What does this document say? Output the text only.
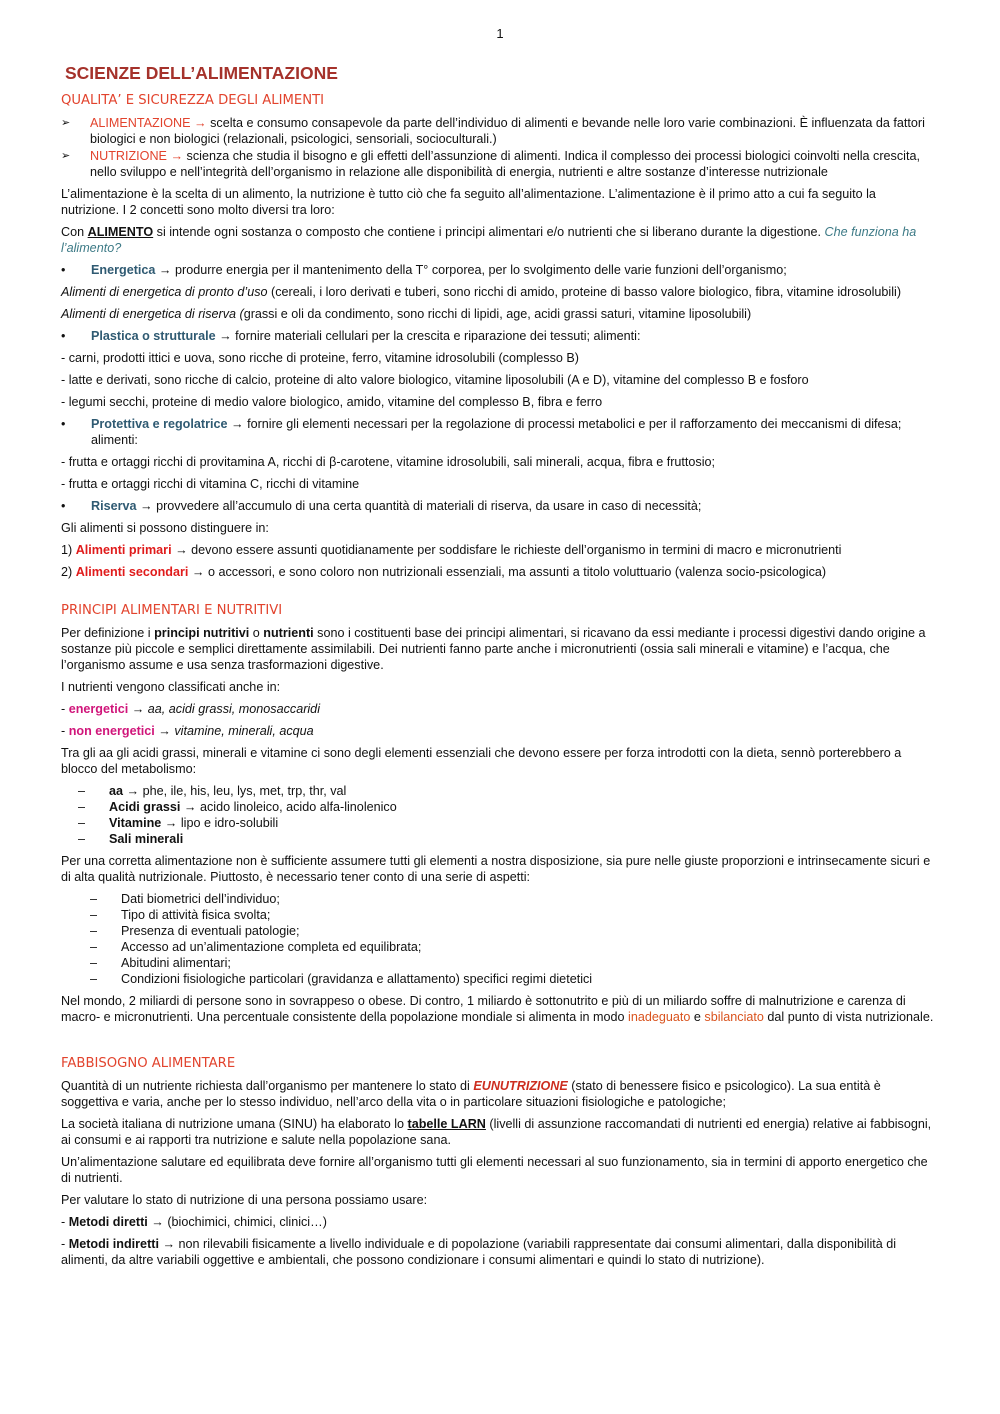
1
SCIENZE DELL’ALIMENTAZIONE
QUALITA’ E SICUREZZA DEGLI ALIMENTI
➢	ALIMENTAZIONE → scelta e consumo consapevole da parte dell’individuo di alimenti e bevande nelle loro varie combinazioni. È influenzata da fattori biologici e non biologici (relazionali, psicologici, sensoriali, socioculturali.)
➢	NUTRIZIONE → scienza che studia il bisogno e gli effetti dell’assunzione di alimenti. Indica il complesso dei processi biologici coinvolti nella crescita, nello sviluppo e nell’integrità dell’organismo in relazione alle disponibilità di energia, nutrienti e altre sostanze d’interesse nutrizionale

L’alimentazione è la scelta di un alimento, la nutrizione è tutto ciò che fa seguito all’alimentazione. L’alimentazione è il primo atto a cui fa seguito la nutrizione. I 2 concetti sono molto diversi tra loro:

Con ALIMENTO si intende ogni sostanza o composto che contiene i principi alimentari e/o nutrienti che si liberano durante la digestione. Che funziona ha l’alimento?

•	Energetica → produrre energia per il mantenimento della T° corporea, per lo svolgimento delle varie funzioni dell’organismo;

Alimenti di energetica di pronto d’uso (cereali, i loro derivati e tuberi, sono ricchi di amido, proteine di basso valore biologico, fibra, vitamine idrosolubili)

Alimenti di energetica di riserva (grassi e oli da condimento, sono ricchi di lipidi, age, acidi grassi saturi, vitamine liposolubili)

•	Plastica o strutturale → fornire materiali cellulari per la crescita e riparazione dei tessuti; alimenti:

- carni, prodotti ittici e uova, sono ricche di proteine, ferro, vitamine idrosolubili (complesso B)

- latte e derivati, sono ricche di calcio, proteine di alto valore biologico, vitamine liposolubili (A e D), vitamine del complesso B e fosforo

- legumi secchi, proteine di medio valore biologico, amido, vitamine del complesso B, fibra e ferro

•	Protettiva e regolatrice → fornire gli elementi necessari per la regolazione di processi metabolici e per il rafforzamento dei meccanismi di difesa; alimenti:

- frutta e ortaggi ricchi di provitamina A, ricchi di β-carotene, vitamine idrosolubili, sali minerali, acqua, fibra e fruttosio;

- frutta e ortaggi ricchi di vitamina C, ricchi di vitamine

•	Riserva → provvedere all’accumulo di una certa quantità di materiali di riserva, da usare in caso di necessità;

Gli alimenti si possono distinguere in:

1) Alimenti primari → devono essere assunti quotidianamente per soddisfare le richieste dell’organismo in termini di macro e micronutrienti

2) Alimenti secondari → o accessori, e sono coloro non nutrizionali essenziali, ma assunti a titolo voluttuario (valenza socio-psicologica)

PRINCIPI ALIMENTARI E NUTRITIVI

Per definizione i principi nutritivi o nutrienti sono i costituenti base dei principi alimentari, si ricavano da essi mediante i processi digestivi dando origine a sostanze più piccole e semplici direttamente assimilabili. Dei nutrienti fanno parte anche i micronutrienti (ossia sali minerali e vitamine) e l’acqua, che l’organismo assume e usa senza trasformazioni digestive.

I nutrienti vengono classificati anche in:

- energetici → aa, acidi grassi, monosaccaridi

- non energetici → vitamine, minerali, acqua

Tra gli aa gli acidi grassi, minerali e vitamine ci sono degli elementi essenziali che devono essere per forza introdotti con la dieta, sennò porterebbero a blocco del metabolismo:

–	aa → phe, ile, his, leu, lys, met, trp, thr, val
–	Acidi grassi → acido linoleico, acido alfa-linolenico
–	Vitamine → lipo e idro-solubili
–	Sali minerali

Per una corretta alimentazione non è sufficiente assumere tutti gli elementi a nostra disposizione, sia pure nelle giuste proporzioni e intrinsecamente sicuri e di alta qualità nutrizionale. Piuttosto, è necessario tener conto di una serie di aspetti:

–	Dati biometrici dell’individuo;
–	Tipo di attività fisica svolta;
–	Presenza di eventuali patologie;
–	Accesso ad un’alimentazione completa ed equilibrata;
–	Abitudini alimentari;
–	Condizioni fisiologiche particolari (gravidanza e allattamento) specifici regimi dietetici

Nel mondo, 2 miliardi di persone sono in sovrappeso o obese. Di contro, 1 miliardo è sottonutrito e più di un miliardo soffre di malnutrizione e carenza di macro- e micronutrienti. Una percentuale consistente della popolazione mondiale si alimenta in modo inadeguato e sbilanciato dal punto di vista nutrizionale.

FABBISOGNO ALIMENTARE

Quantità di un nutriente richiesta dall’organismo per mantenere lo stato di EUNUTRIZIONE (stato di benessere fisico e psicologico). La sua entità è soggettiva e varia, anche per lo stesso individuo, nell’arco della vita o in particolare situazioni fisiologiche e patologiche;

La società italiana di nutrizione umana (SINU) ha elaborato lo tabelle LARN (livelli di assunzione raccomandati di nutrienti ed energia) relative ai fabbisogni, ai consumi e ai rapporti tra nutrizione e salute nella popolazione sana.

Un’alimentazione salutare ed equilibrata deve fornire all’organismo tutti gli elementi necessari al suo funzionamento, sia in termini di apporto energetico che di nutrienti.

Per valutare lo stato di nutrizione di una persona possiamo usare:

- Metodi diretti → (biochimici, chimici, clinici…)

- Metodi indiretti → non rilevabili fisicamente a livello individuale e di popolazione (variabili rappresentate dai consumi alimentari, dalla disponibilità di alimenti, da altre variabili oggettive e ambientali, che possono condizionare i consumi alimentari e quindi lo stato di nutrizione).
